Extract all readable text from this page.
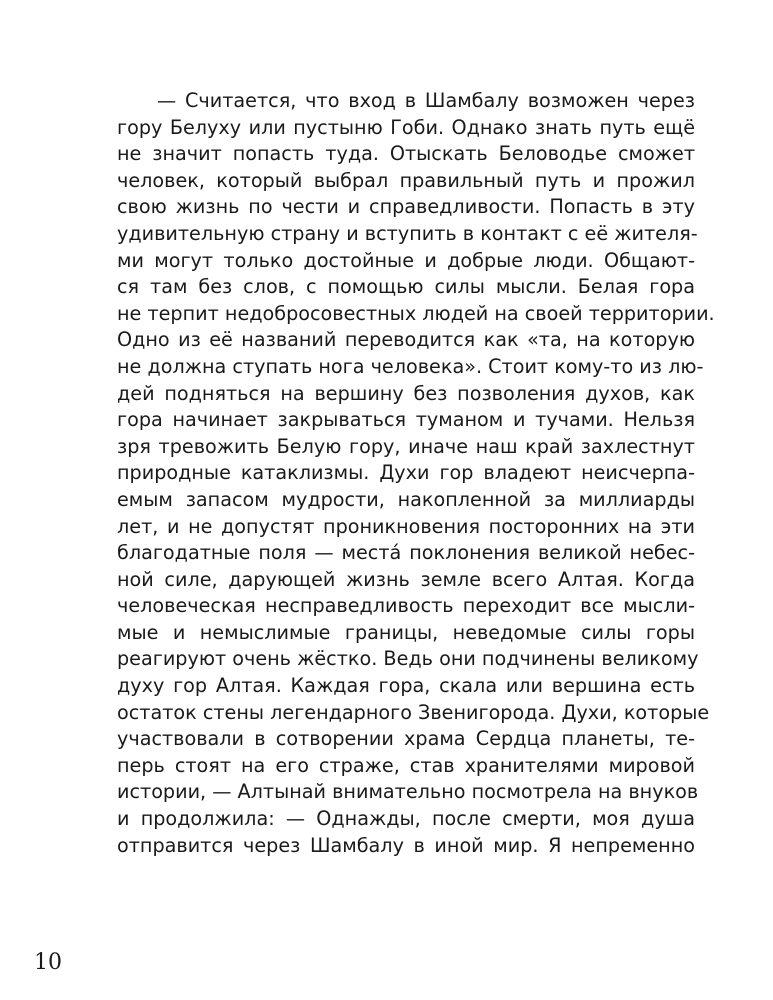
— Считается, что вход в Шамбалу возможен через
гору Белуху или пустыню Гоби. Однако знать путь ещё
не значит попасть туда. Отыскать Беловодье сможет
человек, который выбрал правильный путь и прожил
свою жизнь по чести и справедливости. Попасть в эту
удивительную страну и вступить в контакт с её жителя-
ми могут только достойные и добрые люди. Общают-
ся там без слов, с помощью силы мысли. Белая гора
не терпит недобросовестных людей на своей территории.
Одно из её названий переводится как «та, на которую
не должна ступать нога человека». Стоит кому-то из лю-
дей подняться на вершину без позволения духов, как
гора начинает закрываться туманом и тучами. Нельзя
зря тревожить Белую гору, иначе наш край захлестнут
природные катаклизмы. Духи гор владеют неисчерпа-
емым запасом мудрости, накопленной за миллиарды
лет, и не допустят проникновения посторонних на эти
благодатные поля — места́ поклонения великой небес-
ной силе, дарующей жизнь земле всего Алтая. Когда
человеческая несправедливость переходит все мысли-
мые и немыслимые границы, неведомые силы горы
реагируют очень жёстко. Ведь они подчинены великому
духу гор Алтая. Каждая гора, скала или вершина есть
остаток стены легендарного Звенигорода. Духи, которые
участвовали в сотворении храма Сердца планеты, те-
перь стоят на его страже, став хранителями мировой
истории, — Алтынай внимательно посмотрела на внуков
и продолжила: — Однажды, после смерти, моя душа
отправится через Шамбалу в иной мир. Я непременно
10
